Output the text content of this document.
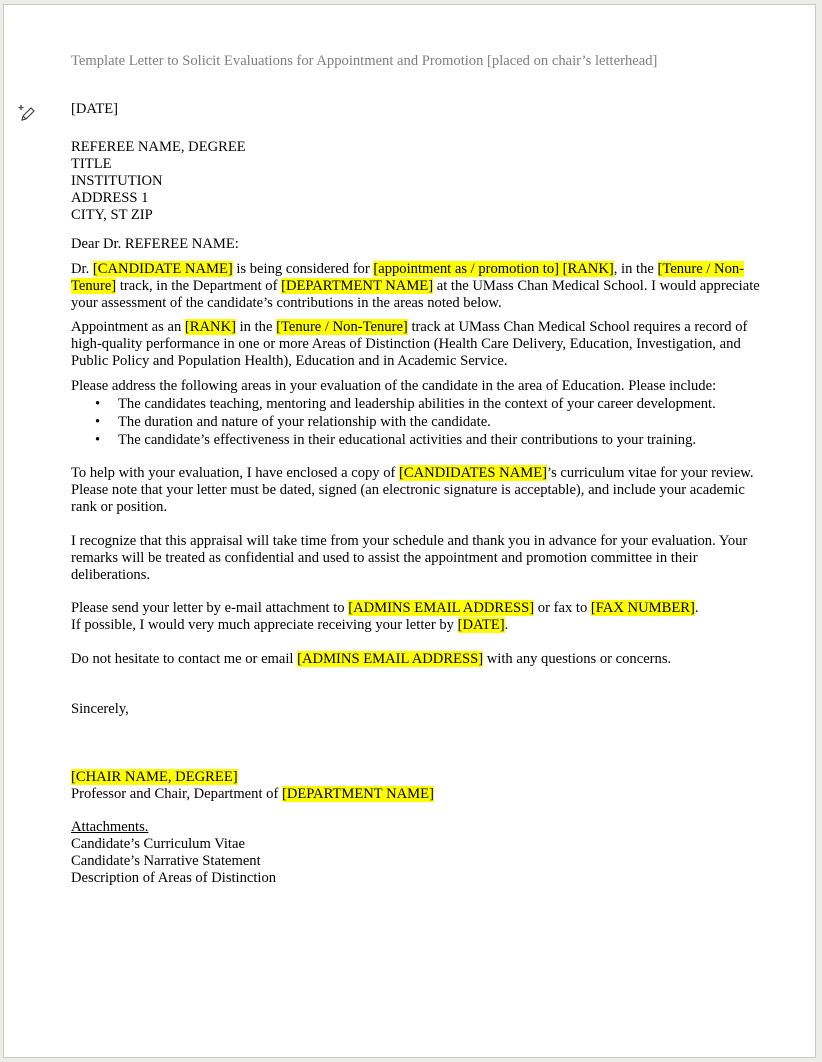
Template Letter to Solicit Evaluations for Appointment and Promotion [placed on chair’s letterhead]
[DATE]
REFEREE NAME, DEGREE
TITLE
INSTITUTION
ADDRESS 1
CITY, ST ZIP
Dear Dr. REFEREE NAME:
Dr. [CANDIDATE NAME] is being considered for [appointment as / promotion to] [RANK], in the [Tenure / Non-Tenure] track, in the Department of [DEPARTMENT NAME] at the UMass Chan Medical School. I would appreciate your assessment of the candidate’s contributions in the areas noted below.
Appointment as an [RANK] in the [Tenure / Non-Tenure] track at UMass Chan Medical School requires a record of high-quality performance in one or more Areas of Distinction (Health Care Delivery, Education, Investigation, and Public Policy and Population Health), Education and in Academic Service.
Please address the following areas in your evaluation of the candidate in the area of Education. Please include:
• The candidates teaching, mentoring and leadership abilities in the context of your career development.
• The duration and nature of your relationship with the candidate.
• The candidate’s effectiveness in their educational activities and their contributions to your training.
To help with your evaluation, I have enclosed a copy of [CANDIDATES NAME]’s curriculum vitae for your review. Please note that your letter must be dated, signed (an electronic signature is acceptable), and include your academic rank or position.
I recognize that this appraisal will take time from your schedule and thank you in advance for your evaluation. Your remarks will be treated as confidential and used to assist the appointment and promotion committee in their deliberations.
Please send your letter by e-mail attachment to [ADMINS EMAIL ADDRESS] or fax to [FAX NUMBER].
If possible, I would very much appreciate receiving your letter by [DATE].
Do not hesitate to contact me or email [ADMINS EMAIL ADDRESS] with any questions or concerns.
Sincerely,
[CHAIR NAME, DEGREE]
Professor and Chair, Department of [DEPARTMENT NAME]
Attachments.
Candidate’s Curriculum Vitae
Candidate’s Narrative Statement
Description of Areas of Distinction
